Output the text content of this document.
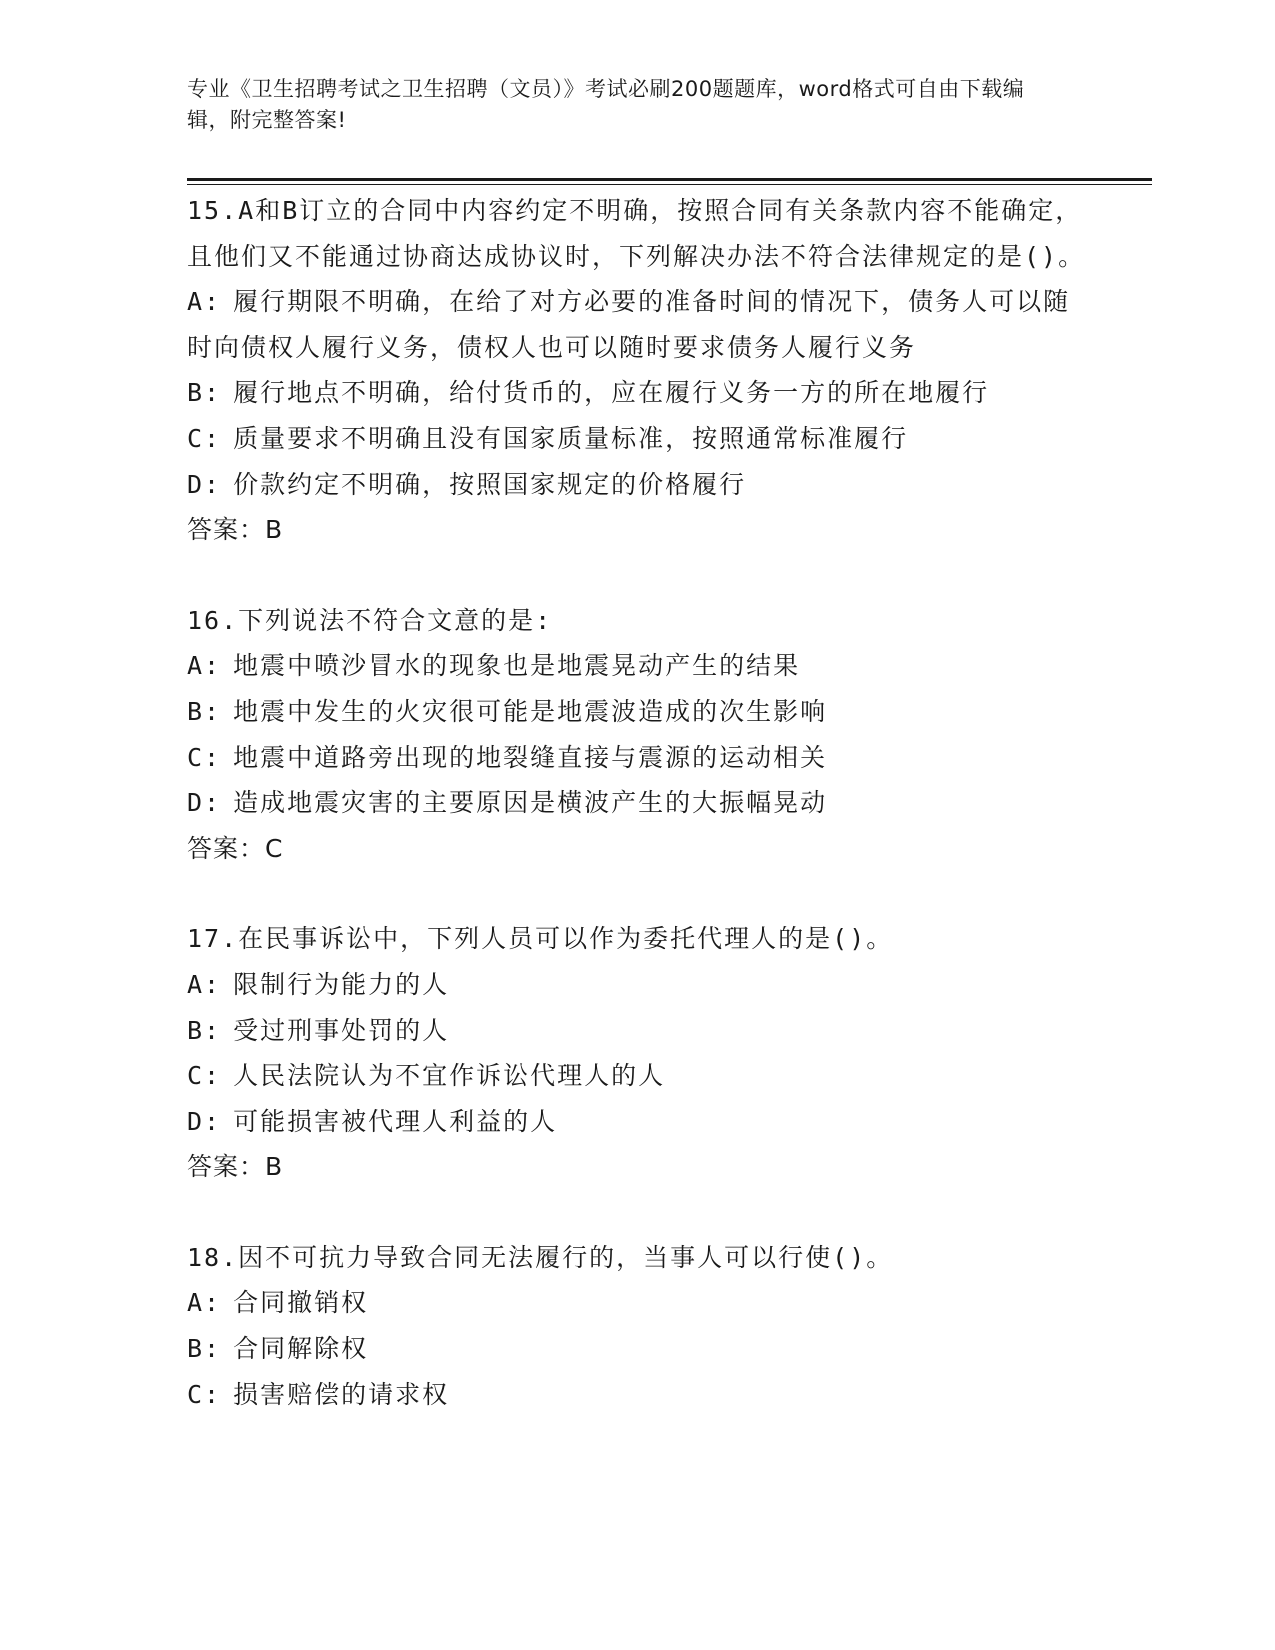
专业《卫生招聘考试之卫生招聘（文员）》考试必刷200题题库，word格式可自由下载编辑，附完整答案!
15.A和B订立的合同中内容约定不明确，按照合同有关条款内容不能确定，且他们又不能通过协商达成协议时，下列解决办法不符合法律规定的是()。
A: 履行期限不明确，在给了对方必要的准备时间的情况下，债务人可以随时向债权人履行义务，债权人也可以随时要求债务人履行义务
B: 履行地点不明确，给付货币的，应在履行义务一方的所在地履行
C: 质量要求不明确且没有国家质量标准，按照通常标准履行
D: 价款约定不明确，按照国家规定的价格履行
答案：B
16.下列说法不符合文意的是:
A: 地震中喷沙冒水的现象也是地震晃动产生的结果
B: 地震中发生的火灾很可能是地震波造成的次生影响
C: 地震中道路旁出现的地裂缝直接与震源的运动相关
D: 造成地震灾害的主要原因是横波产生的大振幅晃动
答案：C
17.在民事诉讼中，下列人员可以作为委托代理人的是()。
A: 限制行为能力的人
B: 受过刑事处罚的人
C: 人民法院认为不宜作诉讼代理人的人
D: 可能损害被代理人利益的人
答案：B
18.因不可抗力导致合同无法履行的，当事人可以行使()。
A: 合同撤销权
B: 合同解除权
C: 损害赔偿的请求权
